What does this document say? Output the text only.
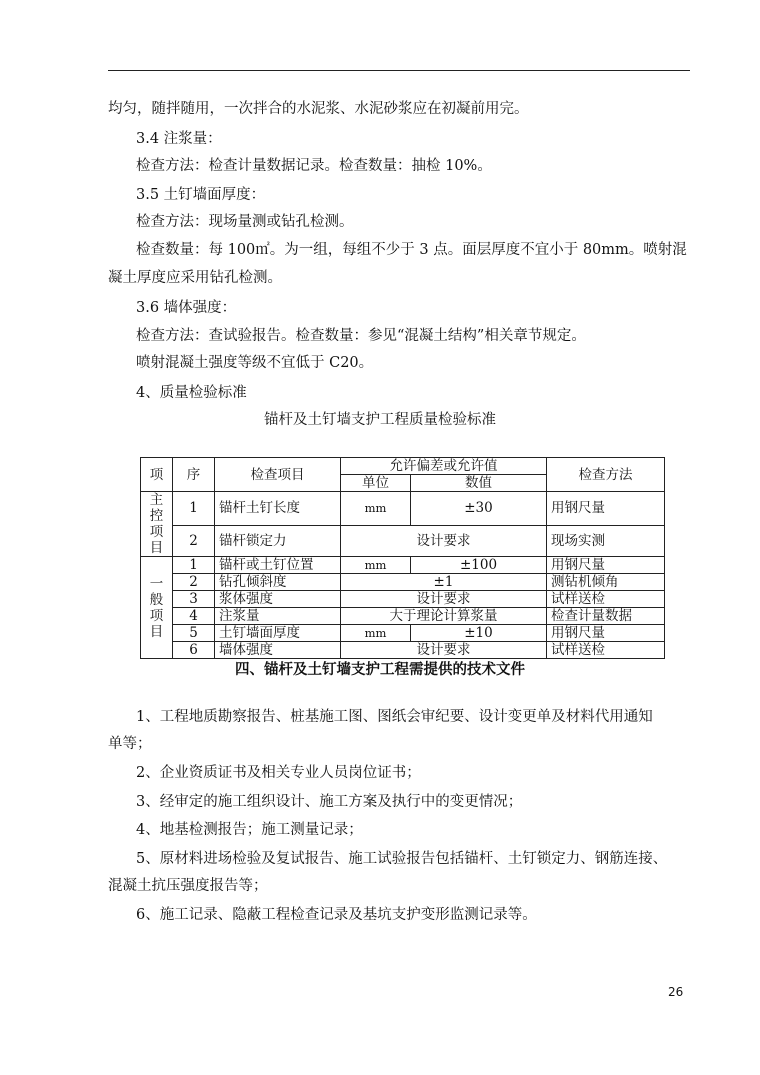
均匀，随拌随用，一次拌合的水泥浆、水泥砂浆应在初凝前用完。
3.4 注浆量：
检查方法：检查计量数据记录。检查数量：抽检 10%。
3.5 土钉墙面厚度：
检查方法：现场量测或钻孔检测。
检查数量：每 100㎡。为一组，每组不少于 3 点。面层厚度不宜小于 80mm。喷射混
凝土厚度应采用钻孔检测。
3.6 墙体强度：
检查方法：查试验报告。检查数量：参见“混凝土结构”相关章节规定。
喷射混凝土强度等级不宜低于 C20。
4、质量检验标准
锚杆及土钉墙支护工程质量检验标准
项	序	检查项目	允许偏差或允许值		检查方法
			单位	数值	
主控项目	1	锚杆土钉长度	mm	±30	用钢尺量
	2	锚杆锁定力	设计要求		现场实测
一般项目	1	锚杆或土钉位置	mm	±100	用钢尺量
	2	钻孔倾斜度	±1		测钻机倾角
	3	浆体强度	设计要求		试样送检
	4	注浆量	大于理论计算浆量		检查计量数据
	5	土钉墙面厚度	mm	±10	用钢尺量
	6	墙体强度	设计要求		试样送检
四、锚杆及土钉墙支护工程需提供的技术文件
1、工程地质勘察报告、桩基施工图、图纸会审纪要、设计变更单及材料代用通知
单等；
2、企业资质证书及相关专业人员岗位证书；
3、经审定的施工组织设计、施工方案及执行中的变更情况；
4、地基检测报告；施工测量记录；
5、原材料进场检验及复试报告、施工试验报告包括锚杆、土钉锁定力、钢筋连接、
混凝土抗压强度报告等；
6、施工记录、隐蔽工程检查记录及基坑支护变形监测记录等。
26
